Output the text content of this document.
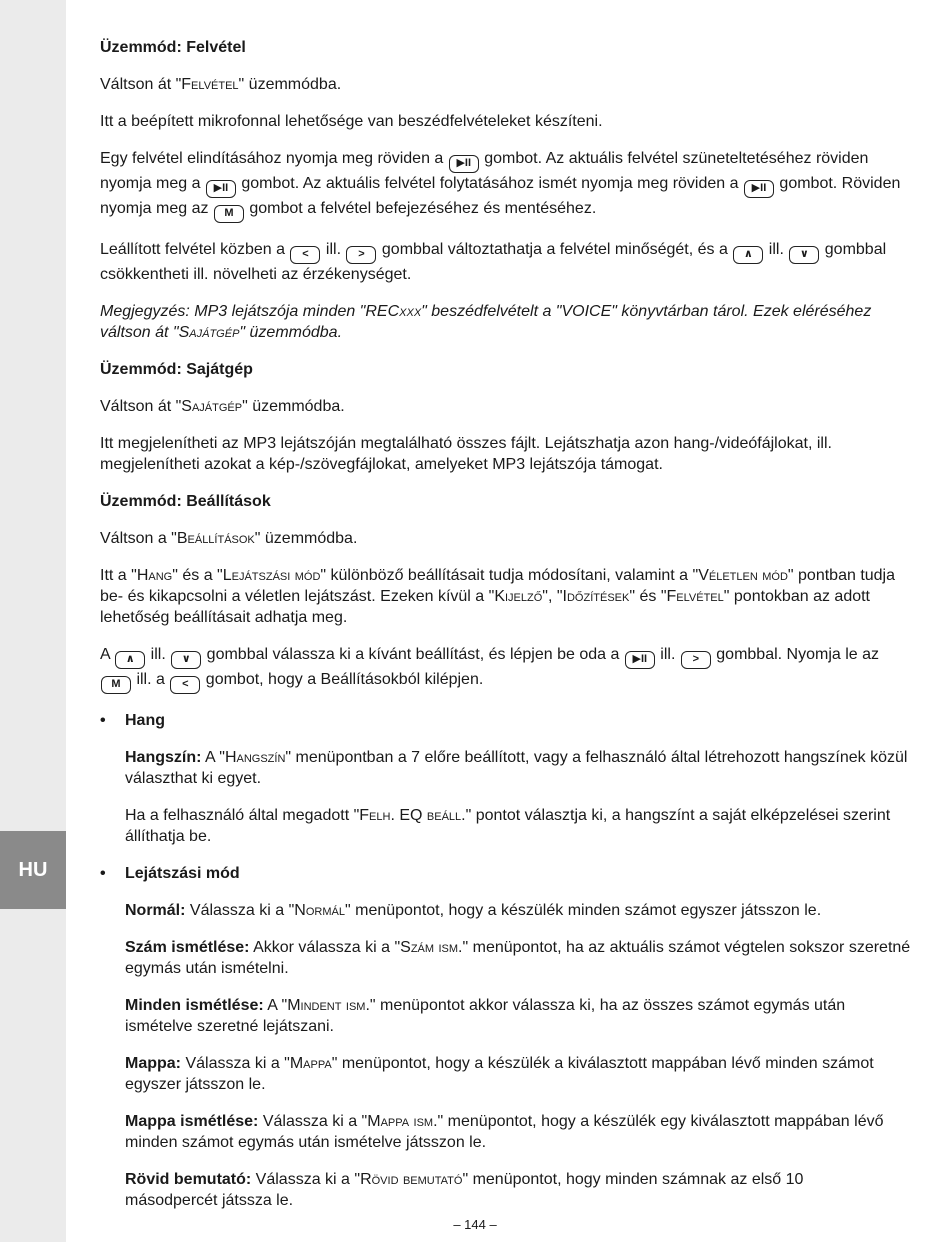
HU
Üzemmód: Felvétel

Váltson át "Felvétel" üzemmódba.

Itt a beépített mikrofonnal lehetősége van beszédfelvételeket készíteni.

Egy felvétel elindításához nyomja meg röviden a ▶II gombot. Az aktuális felvétel szüneteltetéséhez röviden nyomja meg a ▶II gombot. Az aktuális felvétel folytatásához ismét nyomja meg röviden a ▶II gombot. Röviden nyomja meg az M gombot a felvétel befejezéséhez és mentéséhez.

Leállított felvétel közben a < ill. > gombbal változtathatja a felvétel minőségét, és a ∧ ill. ∨ gombbal csökkentheti ill. növelheti az érzékenységet.

Megjegyzés: MP3 lejátszója minden "RECxxx" beszédfelvételt a "VOICE" könyvtárban tárol. Ezek eléréséhez váltson át "Sajátgép" üzemmódba.

Üzemmód: Sajátgép

Váltson át "Sajátgép" üzemmódba.

Itt megjelenítheti az MP3 lejátszóján megtalálható összes fájlt. Lejátszhatja azon hang-/videófájlokat, ill. megjelenítheti azokat a kép-/szövegfájlokat, amelyeket MP3 lejátszója támogat.

Üzemmód: Beállítások

Váltson a "Beállítások" üzemmódba.

Itt a "Hang" és a "Lejátszási mód" különböző beállításait tudja módosítani, valamint a "Véletlen mód" pontban tudja be- és kikapcsolni a véletlen lejátszást. Ezeken kívül a "Kijelző", "Időzítések" és "Felvétel" pontokban az adott lehetőség beállításait adhatja meg.

A ∧ ill. ∨ gombbal válassza ki a kívánt beállítást, és lépjen be oda a ▶II ill. > gombbal. Nyomja le az M ill. a < gombot, hogy a Beállításokból kilépjen.

• Hang

Hangszín: A "Hangszín" menüpontban a 7 előre beállított, vagy a felhasználó által létrehozott hangszínek közül választhat ki egyet.

Ha a felhasználó által megadott "Felh. EQ beáll." pontot választja ki, a hangszínt a saját elképzelései szerint állíthatja be.

• Lejátszási mód

Normál: Válassza ki a "Normál" menüpontot, hogy a készülék minden számot egyszer játsszon le.

Szám ismétlése: Akkor válassza ki a "Szám ism." menüpontot, ha az aktuális számot végtelen sokszor szeretné egymás után ismételni.

Minden ismétlése: A "Mindent ism." menüpontot akkor válassza ki, ha az összes számot egymás után ismételve szeretné lejátszani.

Mappa: Válassza ki a "Mappa" menüpontot, hogy a készülék a kiválasztott mappában lévő minden számot egyszer játsszon le.

Mappa ismétlése: Válassza ki a "Mappa ism." menüpontot, hogy a készülék egy kiválasztott mappában lévő minden számot egymás után ismételve játsszon le.

Rövid bemutató: Válassza ki a "Rövid bemutató" menüpontot, hogy minden számnak az első 10 másodpercét játssza le.

– 144 –
